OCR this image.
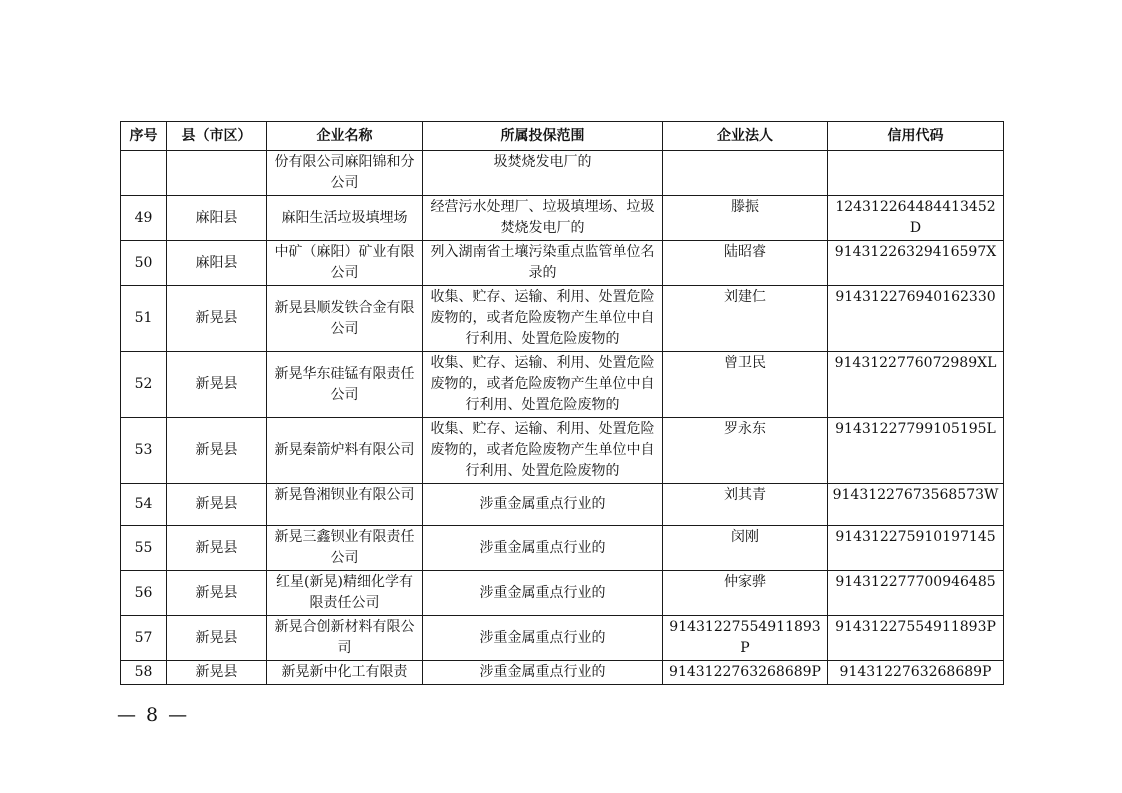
序号	县（市区）	企业名称	所属投保范围	企业法人	信用代码
		份有限公司麻阳锦和分公司	圾焚烧发电厂的		
49	麻阳县	麻阳生活垃圾填埋场	经营污水处理厂、垃圾填埋场、垃圾焚烧发电厂的	滕振	124312264484413452D
50	麻阳县	中矿（麻阳）矿业有限公司	列入湖南省土壤污染重点监管单位名录的	陆昭睿	91431226329416597X
51	新晃县	新晃县顺发铁合金有限公司	收集、贮存、运输、利用、处置危险废物的，或者危险废物产生单位中自行利用、处置危险废物的	刘建仁	914312276940162330
52	新晃县	新晃华东硅锰有限责任公司	收集、贮存、运输、利用、处置危险废物的，或者危险废物产生单位中自行利用、处置危险废物的	曾卫民	9143122776072989XL
53	新晃县	新晃秦箭炉料有限公司	收集、贮存、运输、利用、处置危险废物的，或者危险废物产生单位中自行利用、处置危险废物的	罗永东	91431227799105195L
54	新晃县	新晃鲁湘钡业有限公司	涉重金属重点行业的	刘其青	91431227673568573W
55	新晃县	新晃三鑫钡业有限责任公司	涉重金属重点行业的	闵刚	914312275910197145
56	新晃县	红星(新晃)精细化学有限责任公司	涉重金属重点行业的	仲家骅	914312277700946485
57	新晃县	新晃合创新材料有限公司	涉重金属重点行业的	91431227554911893P	91431227554911893P
58	新晃县	新晃新中化工有限责	涉重金属重点行业的	9143122763268689P	9143122763268689P
— 8 —
